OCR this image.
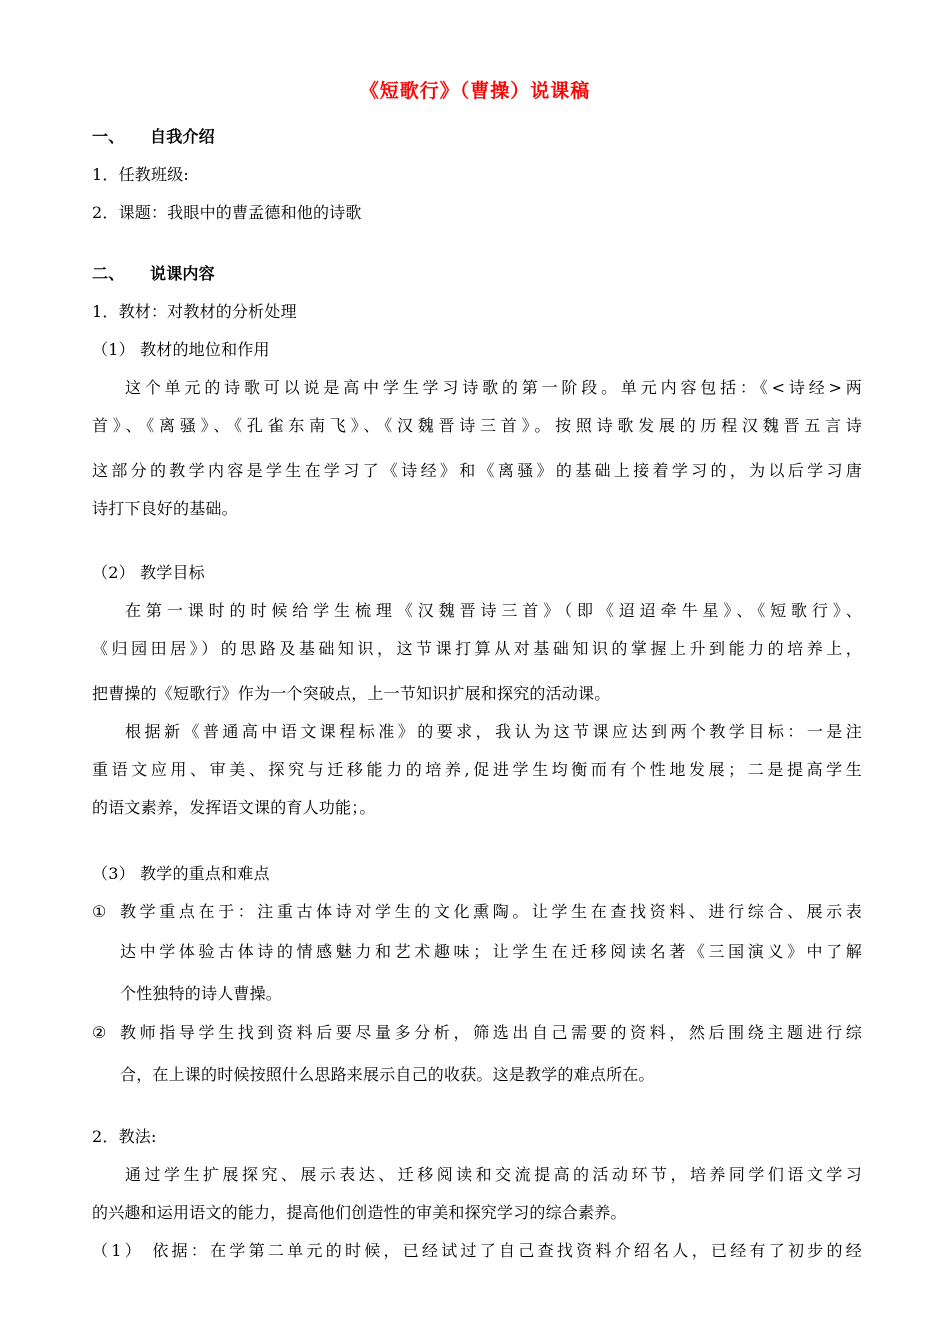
《短歌行》（曹操）说课稿
一、 自我介绍
1．任教班级:
2．课题：我眼中的曹孟德和他的诗歌
二、 说课内容
1．教材：对教材的分析处理
（1） 教材的地位和作用
这个单元的诗歌可以说是高中学生学习诗歌的第一阶段。单元内容包括：《<诗经>两
首》、《离骚》、《孔雀东南飞》、《汉魏晋诗三首》。按照诗歌发展的历程汉魏晋五言诗
这部分的教学内容是学生在学习了《诗经》和《离骚》的基础上接着学习的，为以后学习唐
诗打下良好的基础。
（2） 教学目标
在第一课时的时候给学生梳理《汉魏晋诗三首》（即《迢迢牵牛星》、《短歌行》、
《归园田居》）的思路及基础知识，这节课打算从对基础知识的掌握上升到能力的培养上，
把曹操的《短歌行》作为一个突破点，上一节知识扩展和探究的活动课。
根据新《普通高中语文课程标准》的要求，我认为这节课应达到两个教学目标：一是注
重语文应用、审美、探究与迁移能力的培养,促进学生均衡而有个性地发展；二是提高学生
的语文素养，发挥语文课的育人功能；。
（3） 教学的重点和难点
① 教学重点在于：注重古体诗对学生的文化熏陶。让学生在查找资料、进行综合、展示表
达中学体验古体诗的情感魅力和艺术趣味；让学生在迁移阅读名著《三国演义》中了解
个性独特的诗人曹操。
② 教师指导学生找到资料后要尽量多分析，筛选出自己需要的资料，然后围绕主题进行综
合，在上课的时候按照什么思路来展示自己的收获。这是教学的难点所在。
2．教法:
通过学生扩展探究、展示表达、迁移阅读和交流提高的活动环节，培养同学们语文学习
的兴趣和运用语文的能力，提高他们创造性的审美和探究学习的综合素养。
（1） 依据：在学第二单元的时候，已经试过了自己查找资料介绍名人，已经有了初步的经
